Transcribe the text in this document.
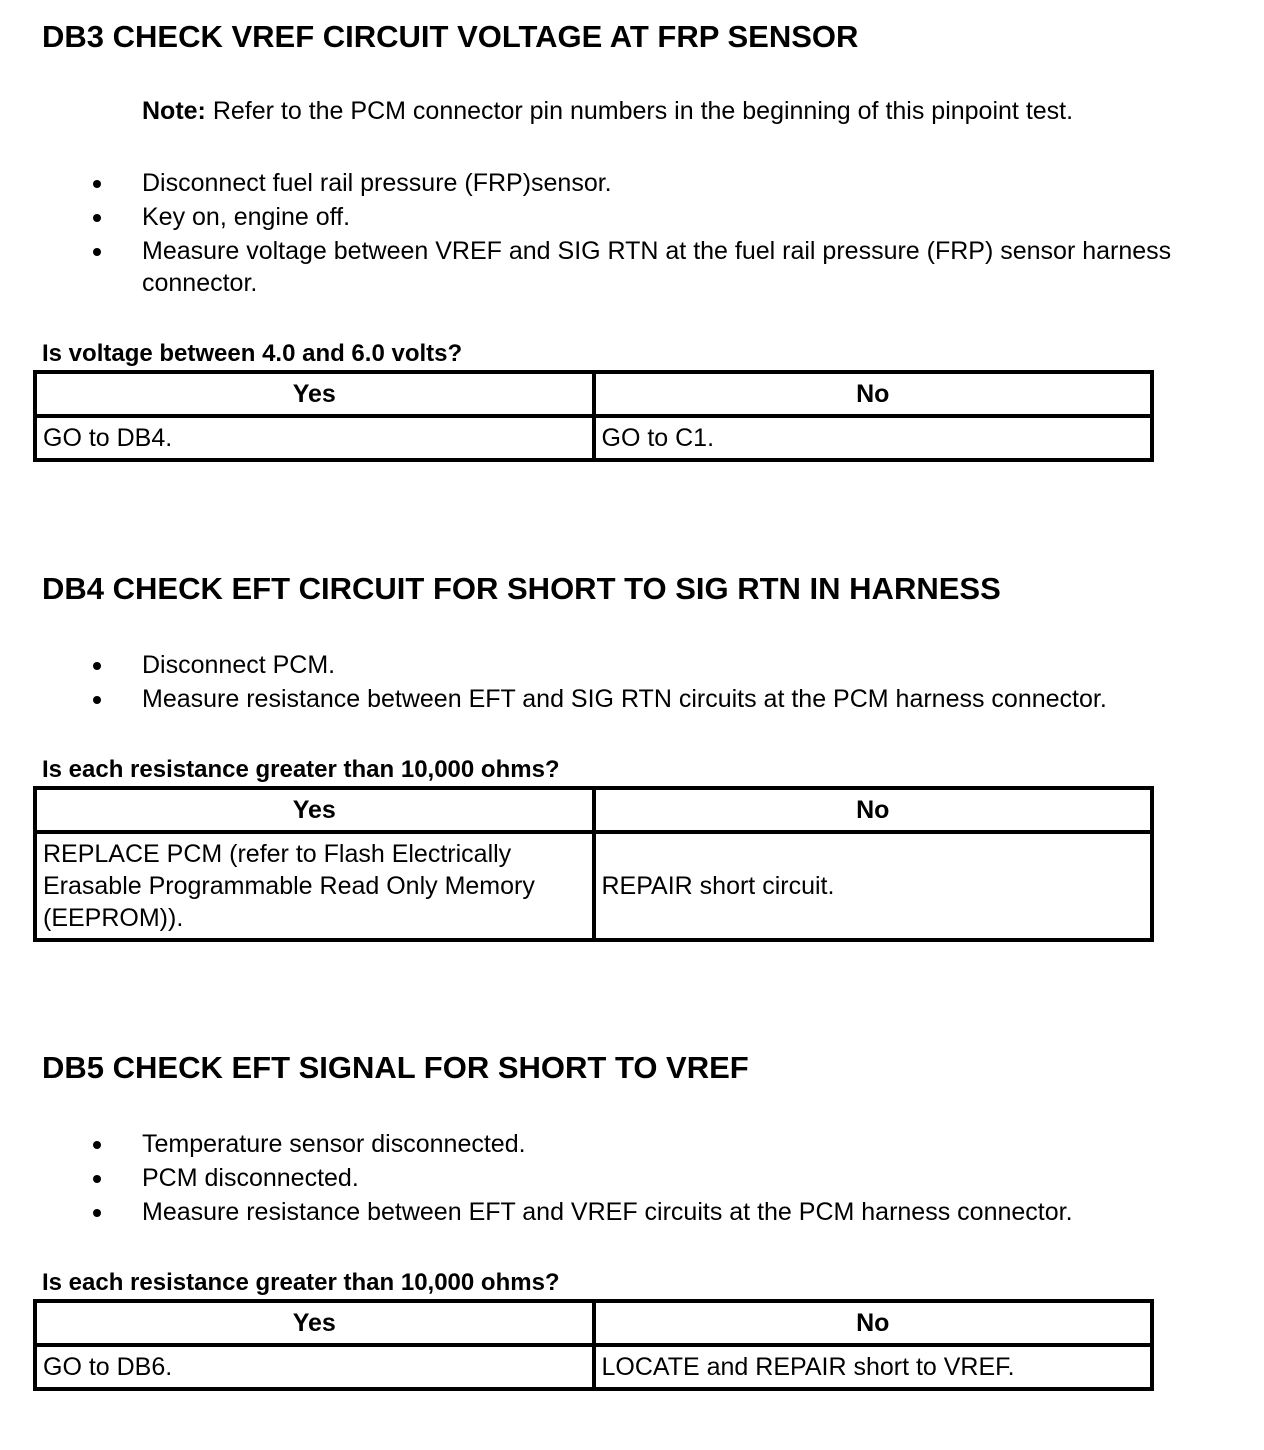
DB3 CHECK VREF CIRCUIT VOLTAGE AT FRP SENSOR
Note: Refer to the PCM connector pin numbers in the beginning of this pinpoint test.
Disconnect fuel rail pressure (FRP)sensor.
Key on, engine off.
Measure voltage between VREF and SIG RTN at the fuel rail pressure (FRP) sensor harness connector.
Is voltage between 4.0 and 6.0 volts?
Yes	No
GO to DB4.	GO to C1.
DB4 CHECK EFT CIRCUIT FOR SHORT TO SIG RTN IN HARNESS
Disconnect PCM.
Measure resistance between EFT and SIG RTN circuits at the PCM harness connector.
Is each resistance greater than 10,000 ohms?
Yes	No
REPLACE PCM (refer to Flash Electrically Erasable Programmable Read Only Memory (EEPROM)).	REPAIR short circuit.
DB5 CHECK EFT SIGNAL FOR SHORT TO VREF
Temperature sensor disconnected.
PCM disconnected.
Measure resistance between EFT and VREF circuits at the PCM harness connector.
Is each resistance greater than 10,000 ohms?
Yes	No
GO to DB6.	LOCATE and REPAIR short to VREF.
